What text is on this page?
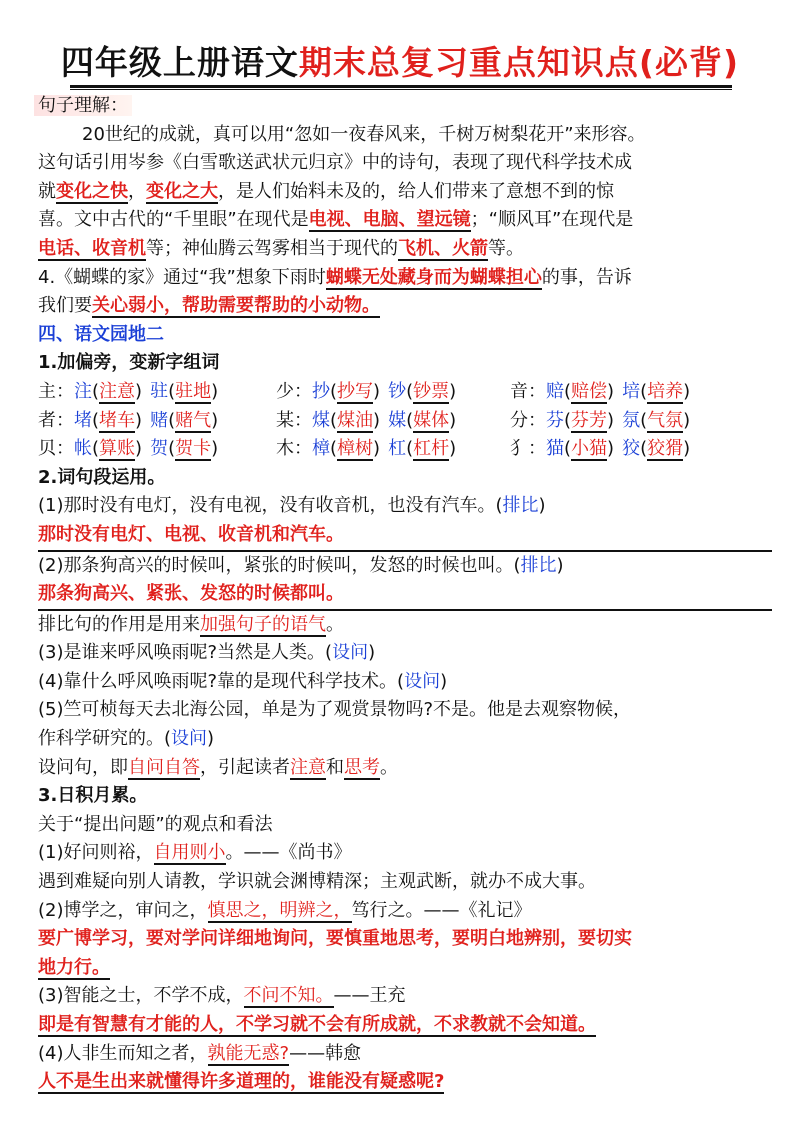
四年级上册语文期末总复习重点知识点(必背)
句子理解：
20世纪的成就，真可以用“忽如一夜春风来，千树万树梨花开”来形容。
这句话引用岑参《白雪歌送武状元归京》中的诗句，表现了现代科学技术成
就变化之快，变化之大，是人们始料未及的，给人们带来了意想不到的惊
喜。文中古代的“千里眼”在现代是电视、电脑、望远镜；“顺风耳”在现代是
电话、收音机等；神仙腾云驾雾相当于现代的飞机、火箭等。
4.《蝴蝶的家》通过“我”想象下雨时蝴蝶无处藏身而为蝴蝶担心的事，告诉
我们要关心弱小，帮助需要帮助的小动物。
四、语文园地二
1.加偏旁，变新字组词
主：注(注意) 驻(驻地)	少：抄(抄写) 钞(钞票)	音：赔(赔偿) 培(培养)
者：堵(堵车) 赌(赌气)	某：煤(煤油) 媒(媒体)	分：芬(芬芳) 氛(气氛)
贝：帐(算账) 贺(贺卡)	木：樟(樟树) 杠(杠杆)	犭：猫(小猫) 狡(狡猾)
2.词句段运用。
(1)那时没有电灯，没有电视，没有收音机，也没有汽车。(排比)
那时没有电灯、电视、收音机和汽车。
(2)那条狗高兴的时候叫，紧张的时候叫，发怒的时候也叫。(排比)
那条狗高兴、紧张、发怒的时候都叫。
排比句的作用是用来加强句子的语气。
(3)是谁来呼风唤雨呢?当然是人类。(设问)
(4)靠什么呼风唤雨呢?靠的是现代科学技术。(设问)
(5)竺可桢每天去北海公园，单是为了观赏景物吗?不是。他是去观察物候，
作科学研究的。(设问)
设问句，即自问自答，引起读者注意和思考。
3.日积月累。
关于“提出问题”的观点和看法
(1)好问则裕，自用则小。——《尚书》
遇到难疑向别人请教，学识就会渊博精深；主观武断，就办不成大事。
(2)博学之，审问之，慎思之，明辨之，笃行之。——《礼记》
要广博学习，要对学问详细地询问，要慎重地思考，要明白地辨别，要切实
地力行。
(3)智能之士，不学不成，不问不知。——王充
即是有智慧有才能的人，不学习就不会有所成就，不求教就不会知道。
(4)人非生而知之者，孰能无惑?——韩愈
人不是生出来就懂得许多道理的，谁能没有疑惑呢?
